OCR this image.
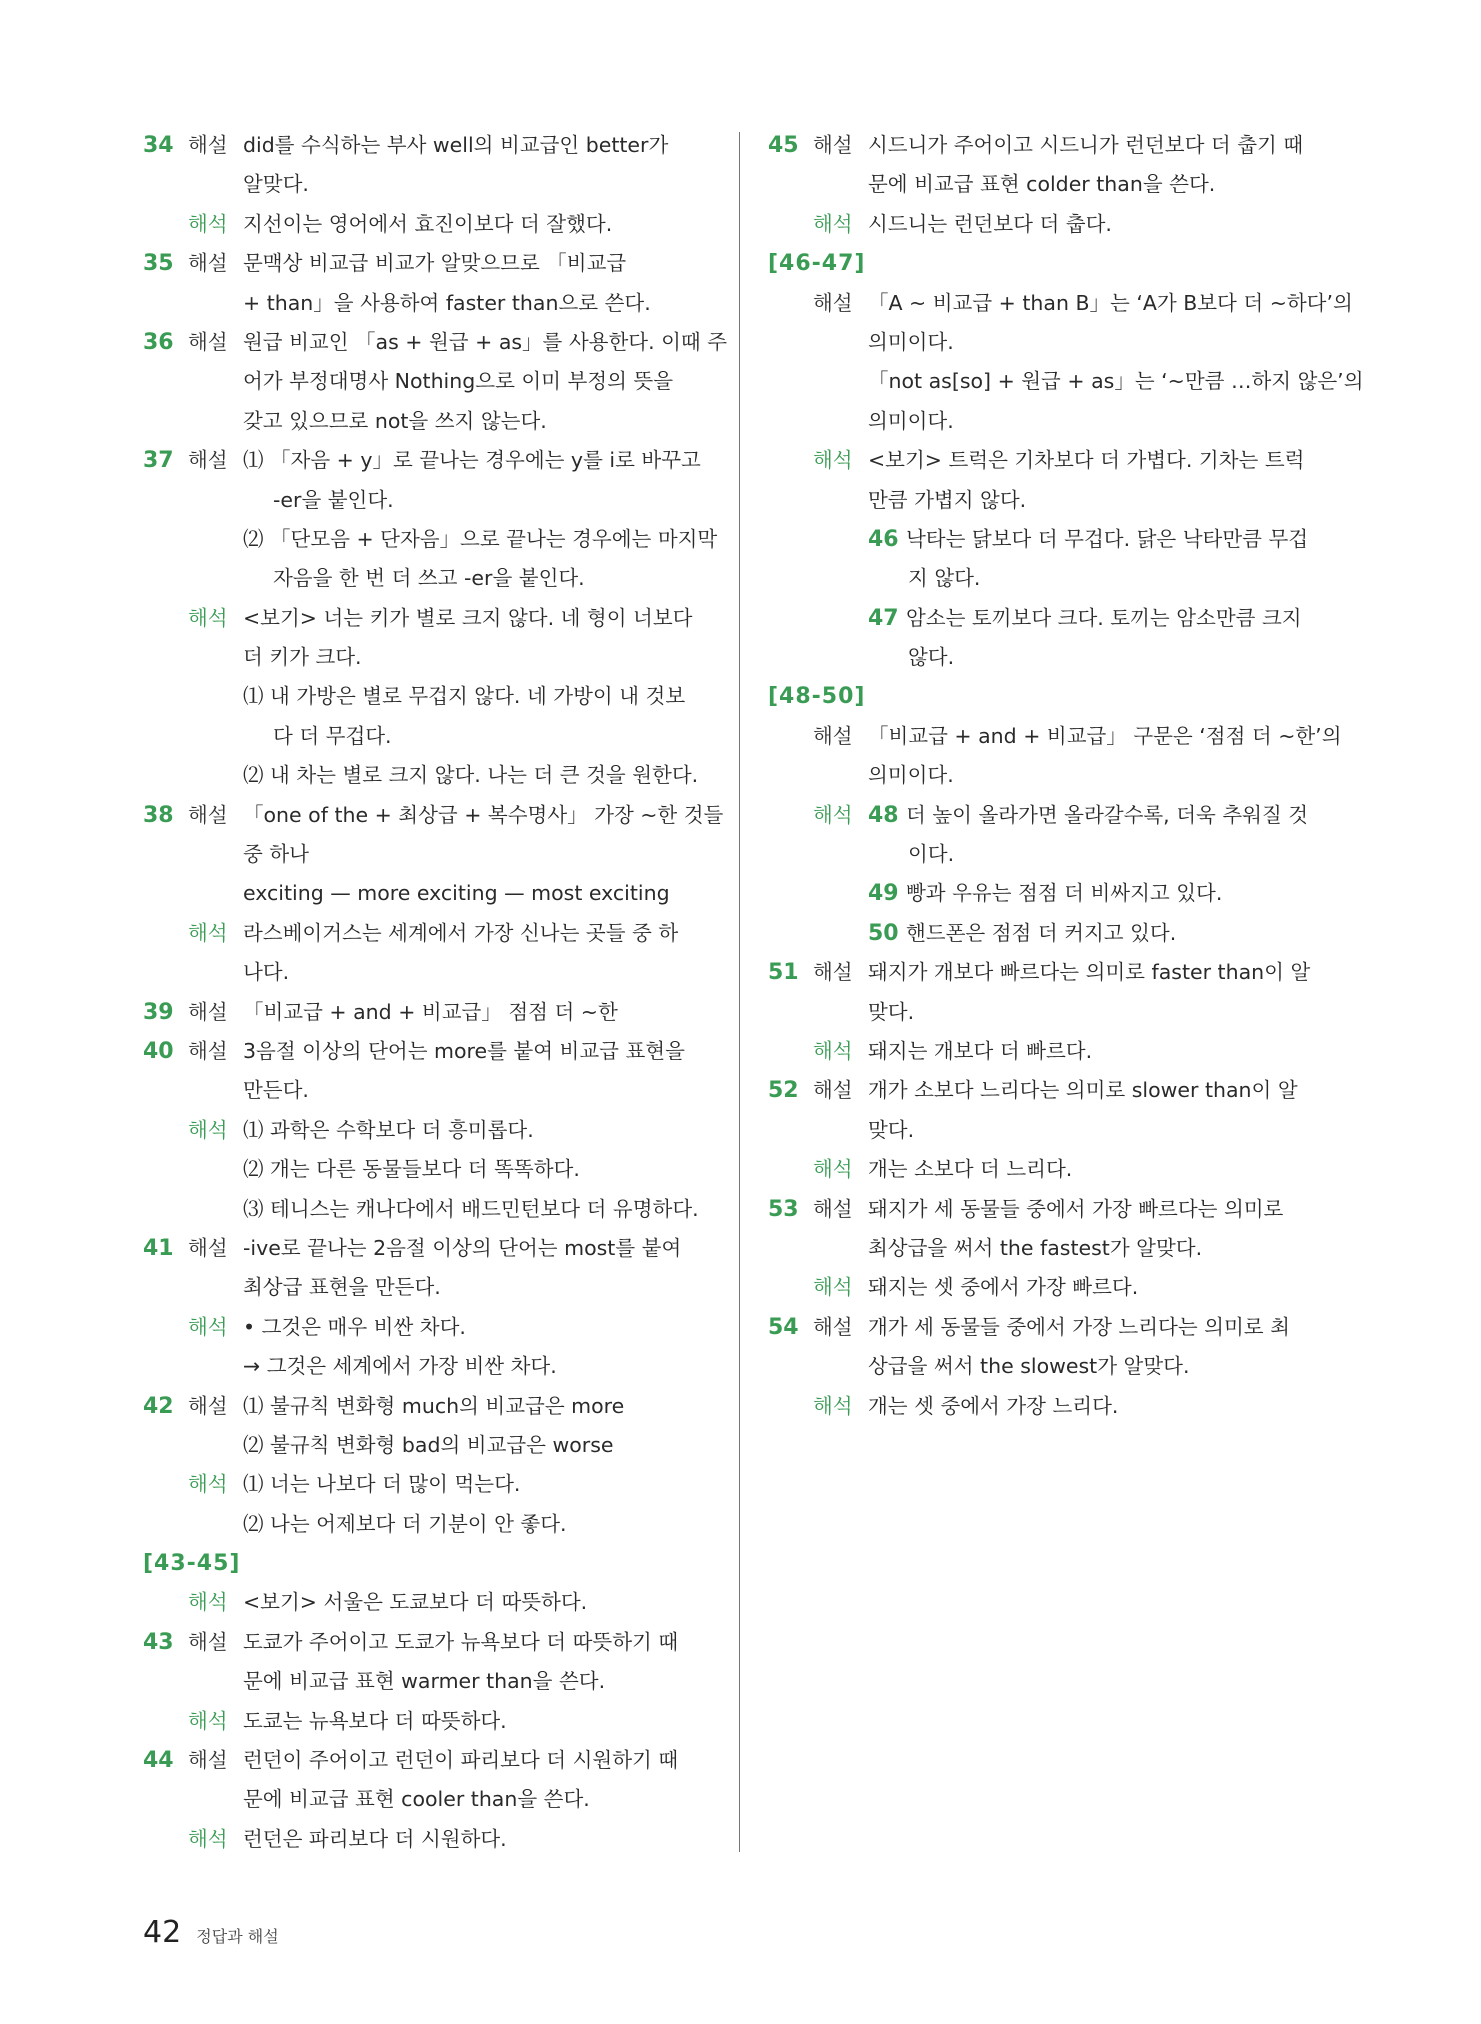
34 해설 did를 수식하는 부사 well의 비교급인 better가
알맞다.
해석 지선이는 영어에서 효진이보다 더 잘했다.
35 해설 문맥상 비교급 비교가 알맞으므로 「비교급
+ than」을 사용하여 faster than으로 쓴다.
36 해설 원급 비교인 「as + 원급 + as」를 사용한다. 이때 주
어가 부정대명사 Nothing으로 이미 부정의 뜻을
갖고 있으므로 not을 쓰지 않는다.
37 해설 ⑴ 「자음 + y」로 끝나는 경우에는 y를 i로 바꾸고
-er을 붙인다.
⑵ 「단모음 + 단자음」으로 끝나는 경우에는 마지막
자음을 한 번 더 쓰고 -er을 붙인다.
해석 <보기> 너는 키가 별로 크지 않다. 네 형이 너보다
더 키가 크다.
⑴ 내 가방은 별로 무겁지 않다. 네 가방이 내 것보
다 더 무겁다.
⑵ 내 차는 별로 크지 않다. 나는 더 큰 것을 원한다.
38 해설 「one of the + 최상급 + 복수명사」 가장 ~한 것들
중 하나
exciting — more exciting — most exciting
해석 라스베이거스는 세계에서 가장 신나는 곳들 중 하
나다.
39 해설 「비교급 + and + 비교급」 점점 더 ~한
40 해설 3음절 이상의 단어는 more를 붙여 비교급 표현을
만든다.
해석 ⑴ 과학은 수학보다 더 흥미롭다.
⑵ 개는 다른 동물들보다 더 똑똑하다.
⑶ 테니스는 캐나다에서 배드민턴보다 더 유명하다.
41 해설 -ive로 끝나는 2음절 이상의 단어는 most를 붙여
최상급 표현을 만든다.
해석 • 그것은 매우 비싼 차다.
→ 그것은 세계에서 가장 비싼 차다.
42 해설 ⑴ 불규칙 변화형 much의 비교급은 more
⑵ 불규칙 변화형 bad의 비교급은 worse
해석 ⑴ 너는 나보다 더 많이 먹는다.
⑵ 나는 어제보다 더 기분이 안 좋다.
[43-45]
해석 <보기> 서울은 도쿄보다 더 따뜻하다.
43 해설 도쿄가 주어이고 도쿄가 뉴욕보다 더 따뜻하기 때
문에 비교급 표현 warmer than을 쓴다.
해석 도쿄는 뉴욕보다 더 따뜻하다.
44 해설 런던이 주어이고 런던이 파리보다 더 시원하기 때
문에 비교급 표현 cooler than을 쓴다.
해석 런던은 파리보다 더 시원하다.
45 해설 시드니가 주어이고 시드니가 런던보다 더 춥기 때
문에 비교급 표현 colder than을 쓴다.
해석 시드니는 런던보다 더 춥다.
[46-47]
해설 「A ~ 비교급 + than B」는 ‘A가 B보다 더 ~하다’의
의미이다.
「not as[so] + 원급 + as」는 ‘~만큼 …하지 않은’의
의미이다.
해석 <보기> 트럭은 기차보다 더 가볍다. 기차는 트럭
만큼 가볍지 않다.
46 낙타는 닭보다 더 무겁다. 닭은 낙타만큼 무겁
지 않다.
47 암소는 토끼보다 크다. 토끼는 암소만큼 크지
않다.
[48-50]
해설 「비교급 + and + 비교급」 구문은 ‘점점 더 ~한’의
의미이다.
해석 48 더 높이 올라가면 올라갈수록, 더욱 추워질 것
이다.
49 빵과 우유는 점점 더 비싸지고 있다.
50 핸드폰은 점점 더 커지고 있다.
51 해설 돼지가 개보다 빠르다는 의미로 faster than이 알
맞다.
해석 돼지는 개보다 더 빠르다.
52 해설 개가 소보다 느리다는 의미로 slower than이 알
맞다.
해석 개는 소보다 더 느리다.
53 해설 돼지가 세 동물들 중에서 가장 빠르다는 의미로
최상급을 써서 the fastest가 알맞다.
해석 돼지는 셋 중에서 가장 빠르다.
54 해설 개가 세 동물들 중에서 가장 느리다는 의미로 최
상급을 써서 the slowest가 알맞다.
해석 개는 셋 중에서 가장 느리다.
42 정답과 해설
